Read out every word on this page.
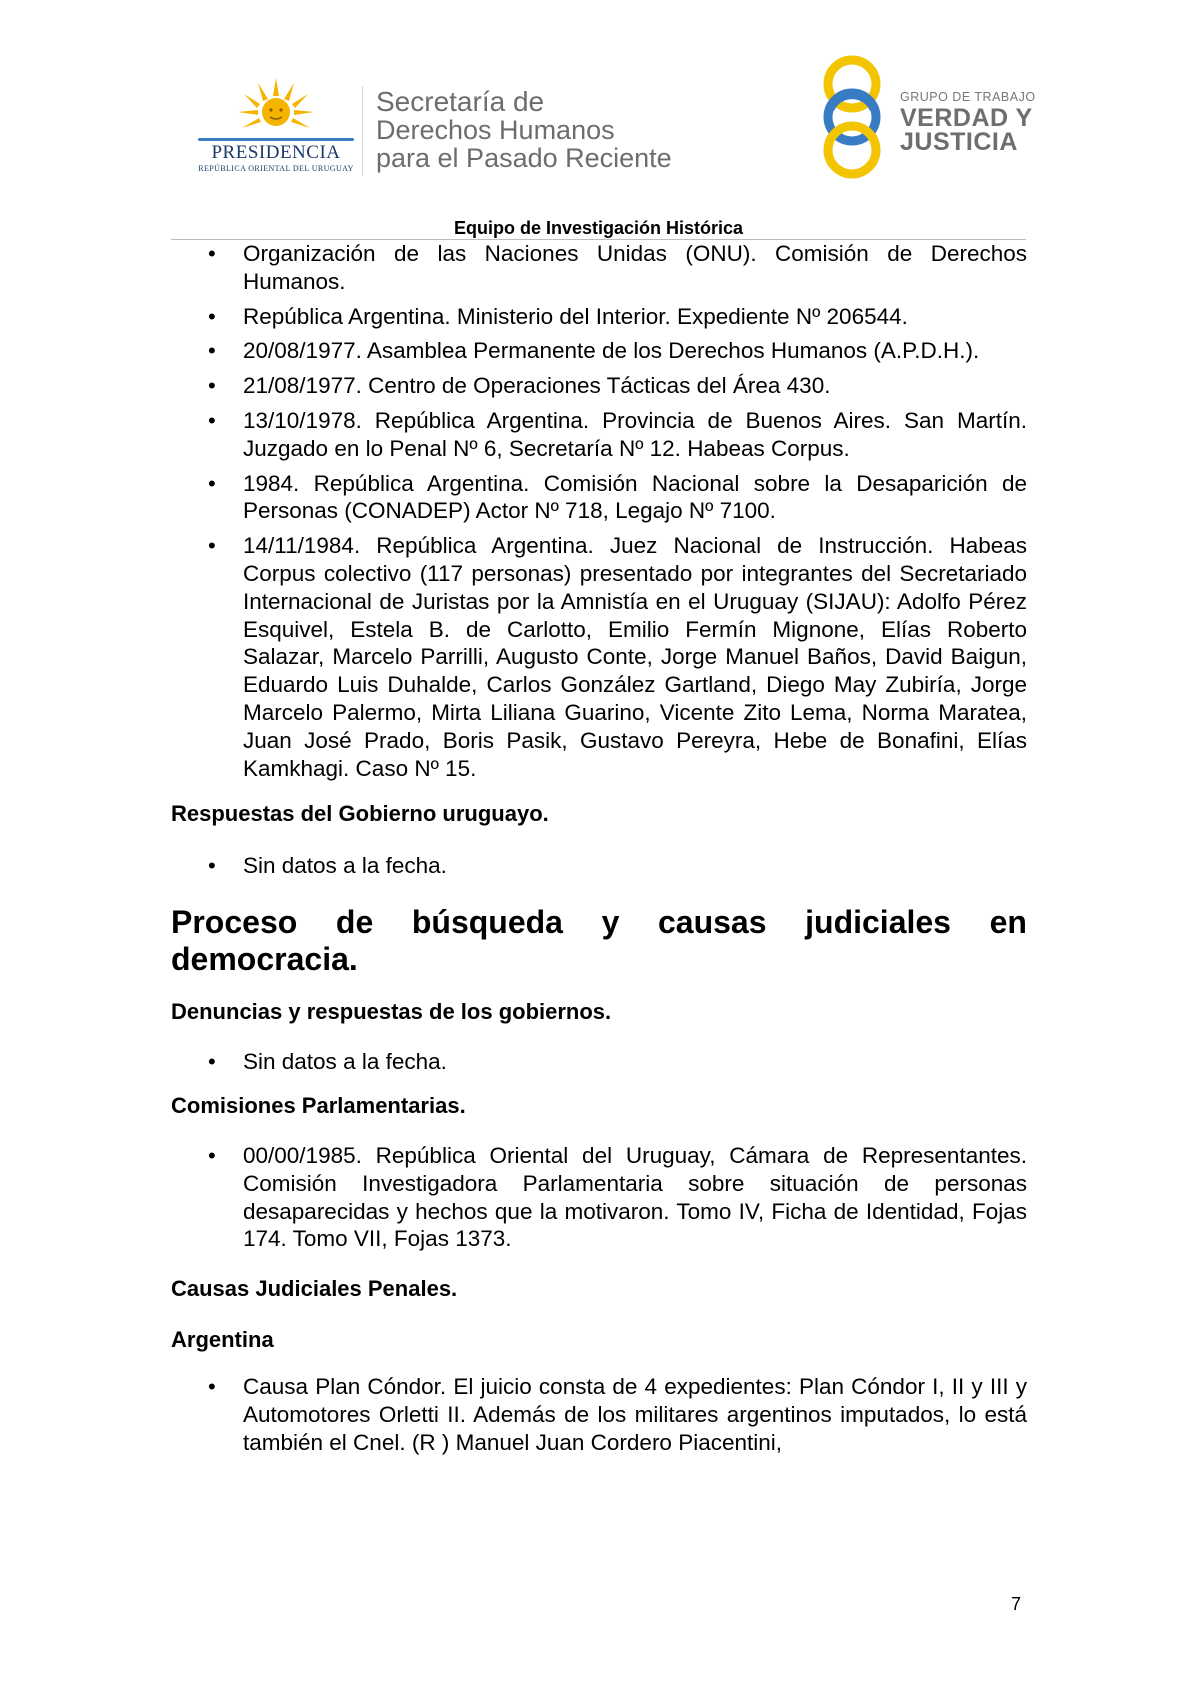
PRESIDENCIA
REPÚBLICA ORIENTAL DEL URUGUAY
Secretaría de
Derechos Humanos
para el Pasado Reciente
GRUPO DE TRABAJO
VERDAD Y
JUSTICIA
Equipo de Investigación Histórica
• Organización de las Naciones Unidas (ONU). Comisión de Derechos Humanos.
• República Argentina. Ministerio del Interior. Expediente Nº 206544.
• 20/08/1977. Asamblea Permanente de los Derechos Humanos (A.P.D.H.).
• 21/08/1977. Centro de Operaciones Tácticas del Área 430.
• 13/10/1978. República Argentina. Provincia de Buenos Aires. San Martín. Juzgado en lo Penal Nº 6, Secretaría Nº 12. Habeas Corpus.
• 1984. República Argentina. Comisión Nacional sobre la Desaparición de Personas (CONADEP) Actor Nº 718, Legajo Nº 7100.
• 14/11/1984. República Argentina. Juez Nacional de Instrucción. Habeas Corpus colectivo (117 personas) presentado por integrantes del Secretariado Internacional de Juristas por la Amnistía en el Uruguay (SIJAU): Adolfo Pérez Esquivel, Estela B. de Carlotto, Emilio Fermín Mignone, Elías Roberto Salazar, Marcelo Parrilli, Augusto Conte, Jorge Manuel Baños, David Baigun, Eduardo Luis Duhalde, Carlos González Gartland, Diego May Zubiría, Jorge Marcelo Palermo, Mirta Liliana Guarino, Vicente Zito Lema, Norma Maratea, Juan José Prado, Boris Pasik, Gustavo Pereyra, Hebe de Bonafini, Elías Kamkhagi. Caso Nº 15.

Respuestas del Gobierno uruguayo.

• Sin datos a la fecha.
Proceso de búsqueda y causas judiciales en
democracia.

Denuncias y respuestas de los gobiernos.

• Sin datos a la fecha.

Comisiones Parlamentarias.

• 00/00/1985. República Oriental del Uruguay, Cámara de Representantes. Comisión Investigadora Parlamentaria sobre situación de personas desaparecidas y hechos que la motivaron. Tomo IV, Ficha de Identidad, Fojas 174. Tomo VII, Fojas 1373.

Causas Judiciales Penales.

Argentina

• Causa Plan Cóndor. El juicio consta de 4 expedientes: Plan Cóndor I, II y III y Automotores Orletti II. Además de los militares argentinos imputados, lo está también el Cnel. (R ) Manuel Juan Cordero Piacentini,
7
